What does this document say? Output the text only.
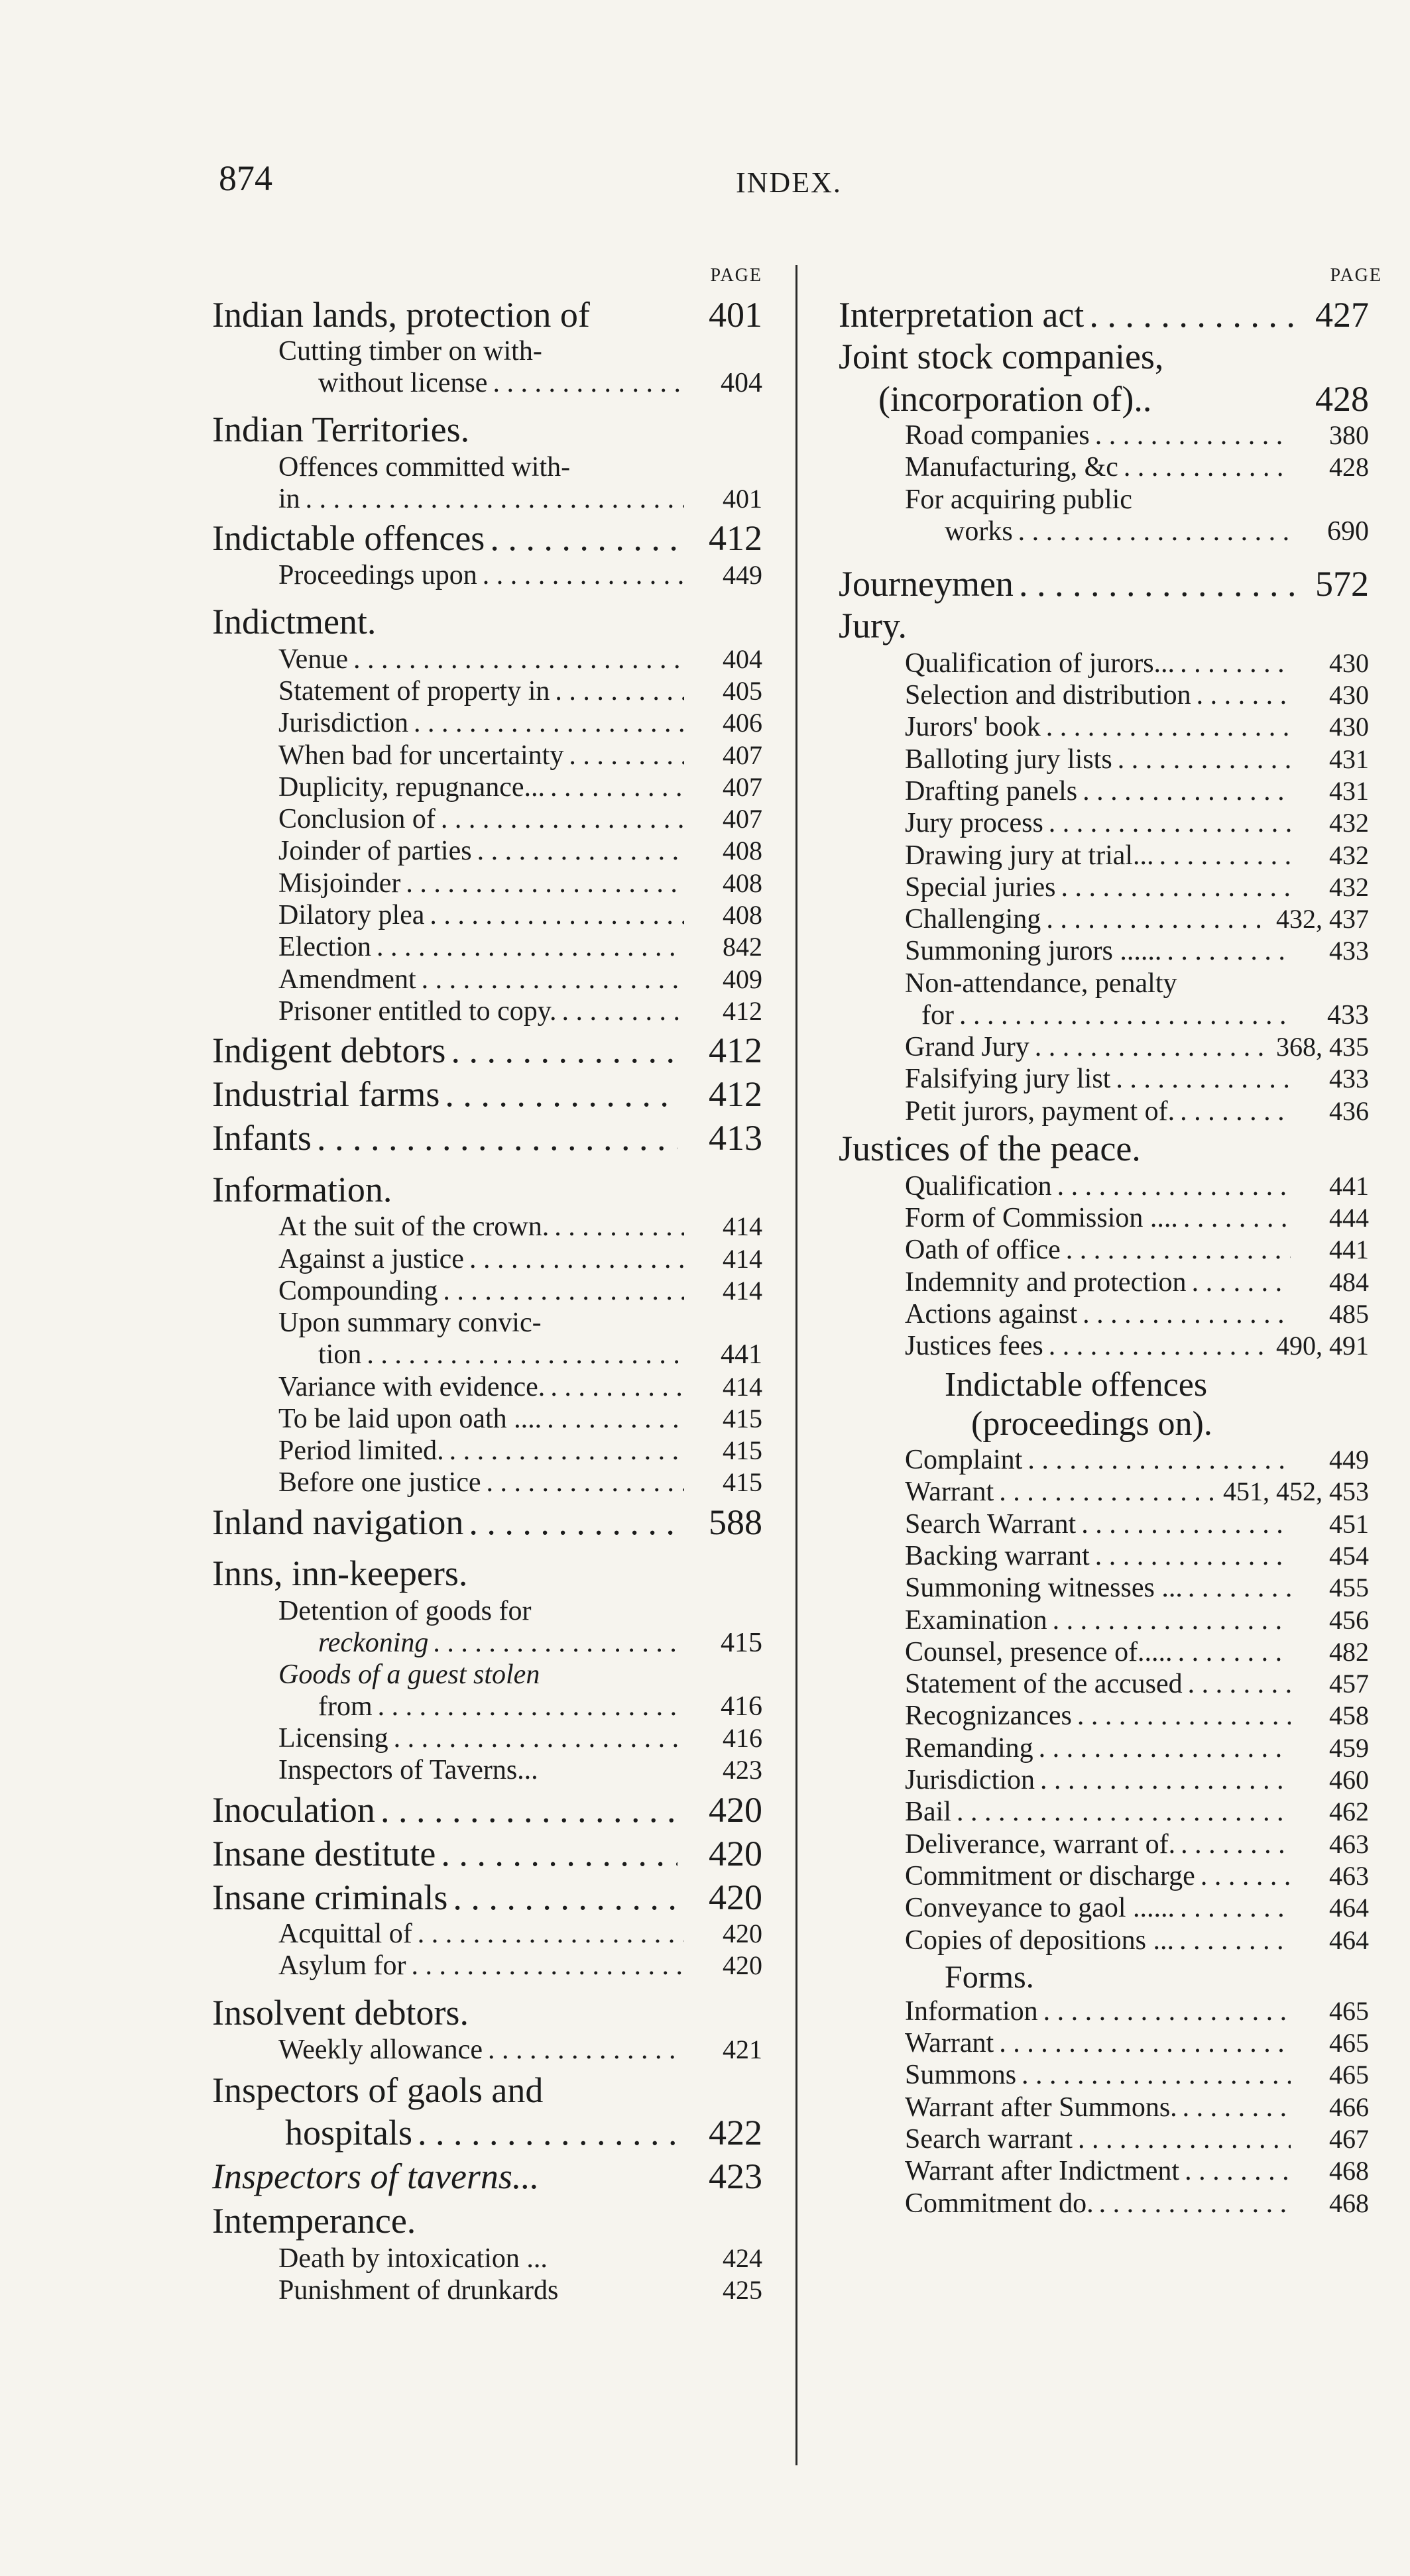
874	INDEX.
PAGE
Indian lands, protection of	401
Cutting timber on with-
without license . . .	404
Indian Territories.
Offences committed with-
in . . .	401
Indictable offences . . .	412
Proceedings upon . . .	449
Indictment.
Venue . . .	404
Statement of property in . . .	405
Jurisdiction . . .	406
When bad for uncertainty . . .	407
Duplicity, repugnance... . . .	407
Conclusion of . . .	407
Joinder of parties . . .	408
Misjoinder . . .	408
Dilatory plea . . .	408
Election . . .	842
Amendment . . .	409
Prisoner entitled to copy. . . .	412
Indigent debtors . . .	412
Industrial farms . . .	412
Infants . . .	413
Information.
At the suit of the crown. . . .	414
Against a justice . . .	414
Compounding . . .	414
Upon summary convic-
tion . . .	441
Variance with evidence. . . .	414
To be laid upon oath .... . . .	415
Period limited. . . .	415
Before one justice . . .	415
Inland navigation . . .	588
Inns, inn-keepers.
Detention of goods for
reckoning . . .	415
Goods of a guest stolen
from . . .	416
Licensing . . .	416
Inspectors of Taverns...	423
Inoculation . . .	420
Insane destitute . . .	420
Insane criminals . . .	420
Acquittal of . . .	420
Asylum for . . .	420
Insolvent debtors.
Weekly allowance . . .	421
Inspectors of gaols and
hospitals . . .	422
Inspectors of taverns...	423
Intemperance.
Death by intoxication ...	424
Punishment of drunkards	425
PAGE
Interpretation act . . .	427
Joint stock companies,
(incorporation of)..	428
Road companies . . .	380
Manufacturing, &c . . .	428
For acquiring public
works . . .	690
Journeymen . . .	572
Jury.
Qualification of jurors... . . .	430
Selection and distribution . . .	430
Jurors' book . . .	430
Balloting jury lists . . .	431
Drafting panels . . .	431
Jury process . . .	432
Drawing jury at trial... . . .	432
Special juries . . .	432
Challenging . . .	432, 437
Summoning jurors ...... . . .	433
Non-attendance, penalty
for . . .	433
Grand Jury . . .	368, 435
Falsifying jury list . . .	433
Petit jurors, payment of. . . .	436
Justices of the peace.
Qualification . . .	441
Form of Commission .... . . .	444
Oath of office . . .	441
Indemnity and protection . . .	484
Actions against . . .	485
Justices fees . . .	490, 491
Indictable offences
(proceedings on).
Complaint . . .	449
Warrant . . .	451, 452, 453
Search Warrant . . .	451
Backing warrant . . .	454
Summoning witnesses ... . . .	455
Examination . . .	456
Counsel, presence of..... . . .	482
Statement of the accused . . .	457
Recognizances . . .	458
Remanding . . .	459
Jurisdiction . . .	460
Bail . . .	462
Deliverance, warrant of. . . .	463
Commitment or discharge . . .	463
Conveyance to gaol ...... . . .	464
Copies of depositions ... . . .	464
Forms.
Information . . .	465
Warrant . . .	465
Summons . . .	465
Warrant after Summons. . . .	466
Search warrant . . .	467
Warrant after Indictment . . .	468
Commitment do. . . .	468
